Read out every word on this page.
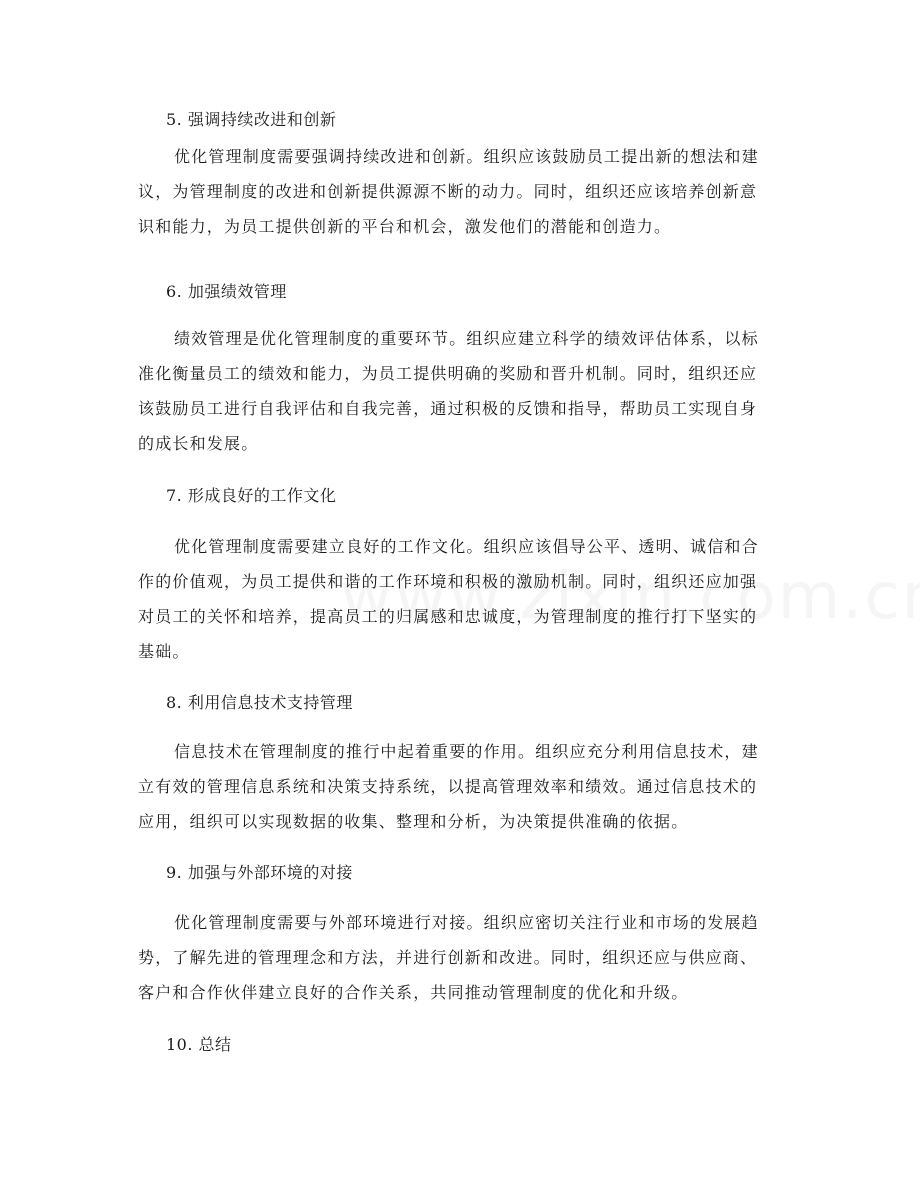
5. 强调持续改进和创新
优化管理制度需要强调持续改进和创新。组织应该鼓励员工提出新的想法和建
议，为管理制度的改进和创新提供源源不断的动力。同时，组织还应该培养创新意
识和能力，为员工提供创新的平台和机会，激发他们的潜能和创造力。
6. 加强绩效管理
绩效管理是优化管理制度的重要环节。组织应建立科学的绩效评估体系，以标
准化衡量员工的绩效和能力，为员工提供明确的奖励和晋升机制。同时，组织还应
该鼓励员工进行自我评估和自我完善，通过积极的反馈和指导，帮助员工实现自身
的成长和发展。
7. 形成良好的工作文化
优化管理制度需要建立良好的工作文化。组织应该倡导公平、透明、诚信和合
作的价值观，为员工提供和谐的工作环境和积极的激励机制。同时，组织还应加强
对员工的关怀和培养，提高员工的归属感和忠诚度，为管理制度的推行打下坚实的
基础。
8. 利用信息技术支持管理
信息技术在管理制度的推行中起着重要的作用。组织应充分利用信息技术，建
立有效的管理信息系统和决策支持系统，以提高管理效率和绩效。通过信息技术的
应用，组织可以实现数据的收集、整理和分析，为决策提供准确的依据。
9. 加强与外部环境的对接
优化管理制度需要与外部环境进行对接。组织应密切关注行业和市场的发展趋
势，了解先进的管理理念和方法，并进行创新和改进。同时，组织还应与供应商、
客户和合作伙伴建立良好的合作关系，共同推动管理制度的优化和升级。
10. 总结
